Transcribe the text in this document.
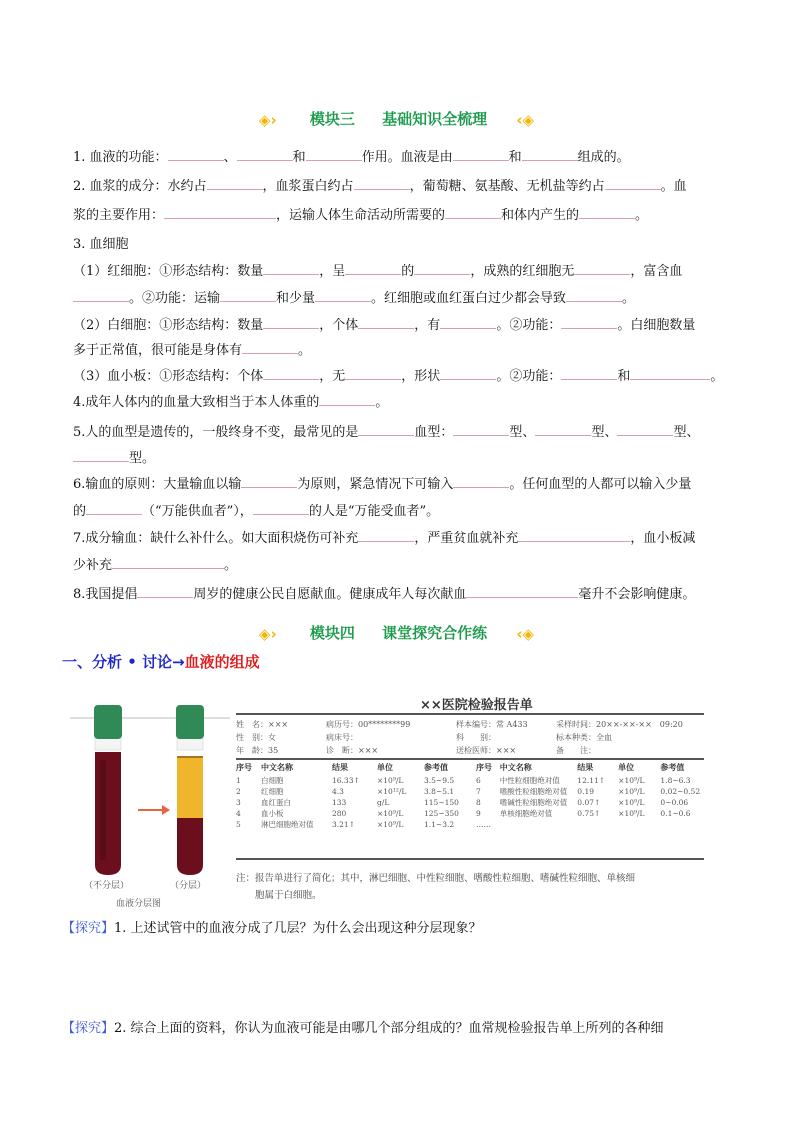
◈› 模块三 基础知识全梳理 ‹◈
1. 血液的功能：	、	和	作用。血液是由	和	组成的。
2. 血浆的成分：水约占	，血浆蛋白约占	，葡萄糖、氨基酸、无机盐等约占	。血
浆的主要作用：	，运输人体生命活动所需要的	和体内产生的	。
3. 血细胞
（1）红细胞：①形态结构：数量	，呈	的	，成熟的红细胞无	，富含血
。②功能：运输	和少量	。红细胞或血红蛋白过少都会导致	。
（2）白细胞：①形态结构：数量	，个体	，有	。②功能：	。白细胞数量
多于正常值，很可能是身体有	。
（3）血小板：①形态结构：个体	，无	，形状	。②功能：	和	。
4.成年人体内的血量大致相当于本人体重的	。
5.人的血型是遗传的，一般终身不变，最常见的是	血型：	型、	型、	型、
型。
6.输血的原则：大量输血以输	为原则，紧急情况下可输入	。任何血型的人都可以输入少量
的	（“万能供血者”），	的人是“万能受血者”。
7.成分输血：缺什么补什么。如大面积烧伤可补充	，严重贫血就补充	，血小板减
少补充	。
8.我国提倡	周岁的健康公民自愿献血。健康成年人每次献血	毫升不会影响健康。
◈› 模块四 课堂探究合作练 ‹◈
一、分析 • 讨论→血液的组成
（不分层）	（分层）
血液分层图
××医院检验报告单
姓　名：×××	病历号：00********99	样本编号：常 A433	采样时间：20××-××-××　09:20
性　别：女	病床号：	科　　别：	标本种类：全血
年　龄：35	诊　断：×××	送检医师：×××	备　　注：
序号	中文名称	结果	单位	参考值
1	白细胞	16.33↑	×10⁹/L	3.5~9.5
2	红细胞	4.3	×10¹²/L	3.8~5.1
3	血红蛋白	133	g/L	115~150
4	血小板	280	×10⁹/L	125~350
5	淋巴细胞绝对值	3.21↑	×10⁹/L	1.1~3.2
序号	中文名称	结果	单位	参考值
6	中性粒细胞绝对值	12.11↑	×10⁹/L	1.8~6.3
7	嗜酸性粒细胞绝对值	0.19	×10⁹/L	0.02~0.52
8	嗜碱性粒细胞绝对值	0.07↑	×10⁹/L	0~0.06
9	单核细胞绝对值	0.75↑	×10⁹/L	0.1~0.6
……				
注：报告单进行了简化；其中，淋巴细胞、中性粒细胞、嗜酸性粒细胞、嗜碱性粒细胞、单核细
　　胞属于白细胞。
【探究】1. 上述试管中的血液分成了几层？为什么会出现这种分层现象？
【探究】2. 综合上面的资料，你认为血液可能是由哪几个部分组成的？血常规检验报告单上所列的各种细
